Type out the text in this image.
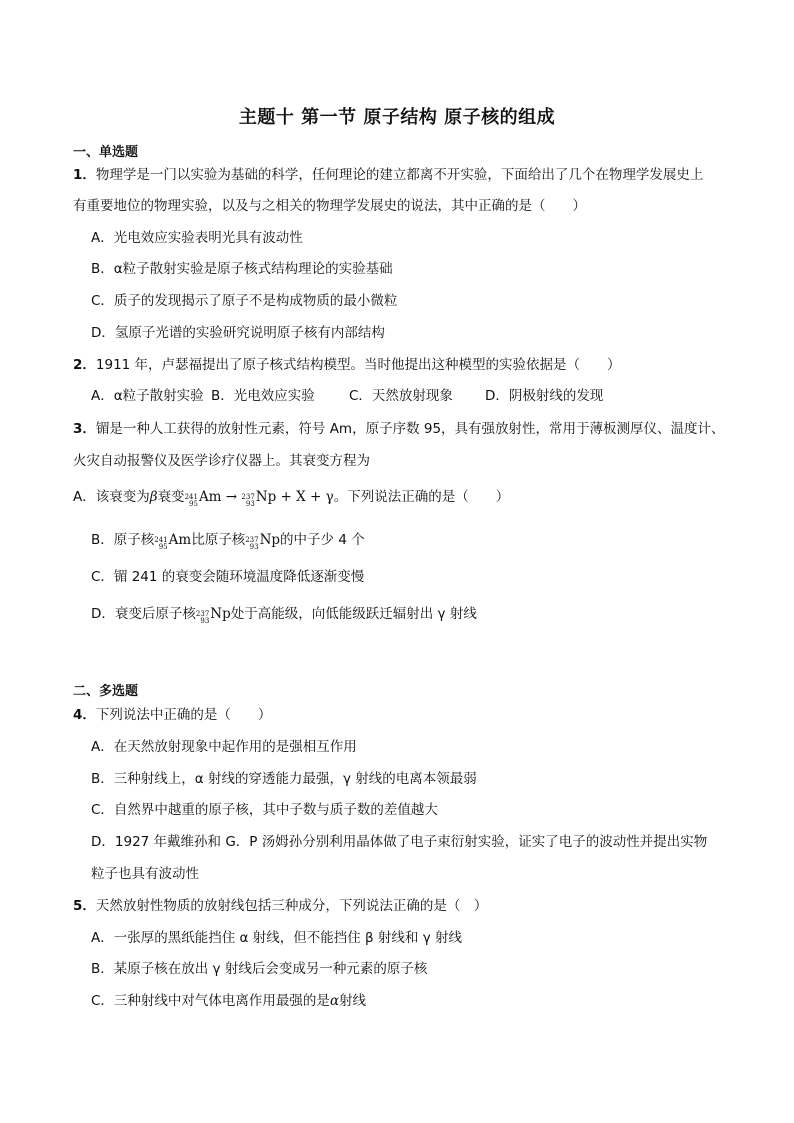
主题十 第一节 原子结构 原子核的组成
一、单选题
1．物理学是一门以实验为基础的科学，任何理论的建立都离不开实验，下面给出了几个在物理学发展史上
有重要地位的物理实验，以及与之相关的物理学发展史的说法，其中正确的是（　　）
A．光电效应实验表明光具有波动性
B．α粒子散射实验是原子核式结构理论的实验基础
C．质子的发现揭示了原子不是构成物质的最小微粒
D．氢原子光谱的实验研究说明原子核有内部结构
2．1911 年，卢瑟福提出了原子核式结构模型。当时他提出这种模型的实验依据是（　　）
A．α粒子散射实验 B．光电效应实验	C．天然放射现象 D．阴极射线的发现
3．镅是一种人工获得的放射性元素，符号 Am，原子序数 95，具有强放射性，常用于薄板测厚仪、温度计、
火灾自动报警仪及医学诊疗仪器上。其衰变方程为
A．该衰变为β衰变 241
95 Am → 237
93 Np + X + γ。下列说法正确的是（　　）
B．原子核 241
95 Am比原子核 237
93 Np的中子少 4 个
C．镅 241 的衰变会随环境温度降低逐渐变慢
D．衰变后原子核 237
93 Np处于高能级，向低能级跃迁辐射出 γ 射线
二、多选题
4．下列说法中正确的是（　　）
A．在天然放射现象中起作用的是强相互作用
B．三种射线上，α 射线的穿透能力最强，γ 射线的电离本领最弱
C．自然界中越重的原子核，其中子数与质子数的差值越大
D．1927 年戴维孙和 G．P 汤姆孙分别利用晶体做了电子束衍射实验，证实了电子的波动性并提出实物
粒子也具有波动性
5．天然放射性物质的放射线包括三种成分，下列说法正确的是（　）
A．一张厚的黑纸能挡住 α 射线，但不能挡住 β 射线和 γ 射线
B．某原子核在放出 γ 射线后会变成另一种元素的原子核
C．三种射线中对气体电离作用最强的是α射线
